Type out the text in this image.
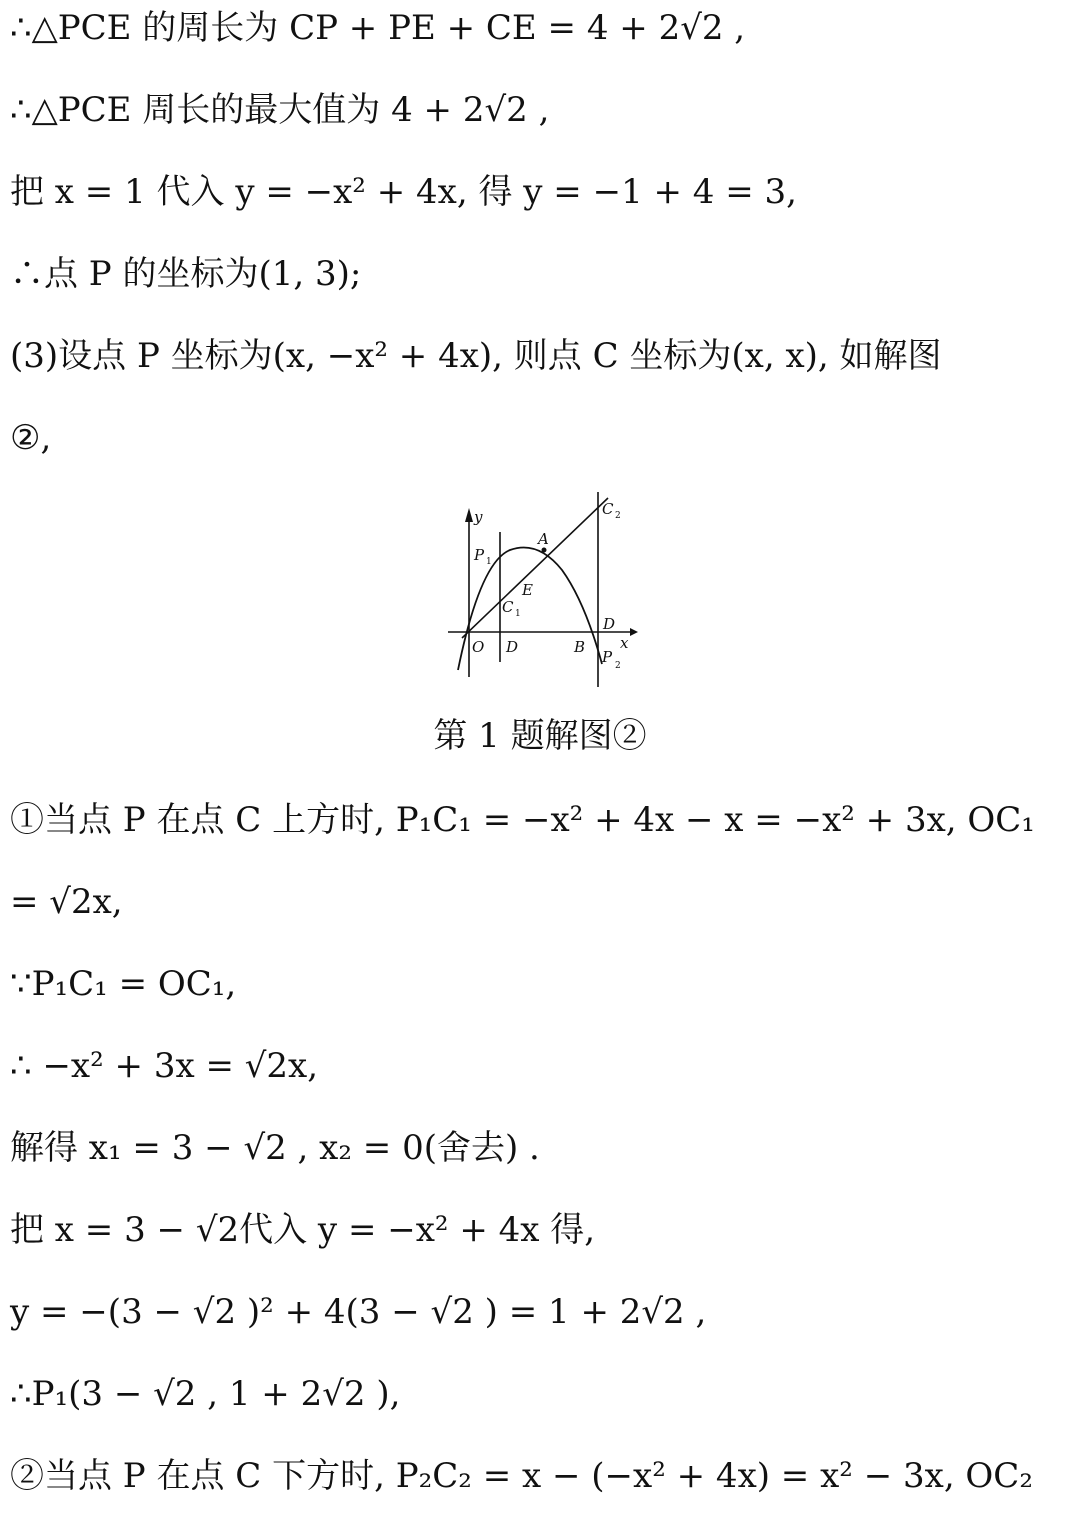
∴△PCE 的周长为 CP + PE + CE = 4 + 2√2 ,
∴△PCE 周长的最大值为 4 + 2√2 ,
把 x = 1 代入 y = −x² + 4x, 得 y = −1 + 4 = 3,
∴点 P 的坐标为(1, 3);
(3)设点 P 坐标为(x, −x² + 4x), 则点 C 坐标为(x, x), 如解图
②,
y
x
O D	B
D
A
E
P 1
C 1
C 2
P 2
第 1 题解图②
①当点 P 在点 C 上方时, P₁C₁ = −x² + 4x − x = −x² + 3x, OC₁
= √2x,
∵P₁C₁ = OC₁,
∴ −x² + 3x = √2x,
解得 x₁ = 3 − √2 , x₂ = 0(舍去) .
把 x = 3 − √2代入 y = −x² + 4x 得,
y = −(3 − √2 )² + 4(3 − √2 ) = 1 + 2√2 ,
∴P₁(3 − √2 , 1 + 2√2 ),
②当点 P 在点 C 下方时, P₂C₂ = x − (−x² + 4x) = x² − 3x, OC₂
